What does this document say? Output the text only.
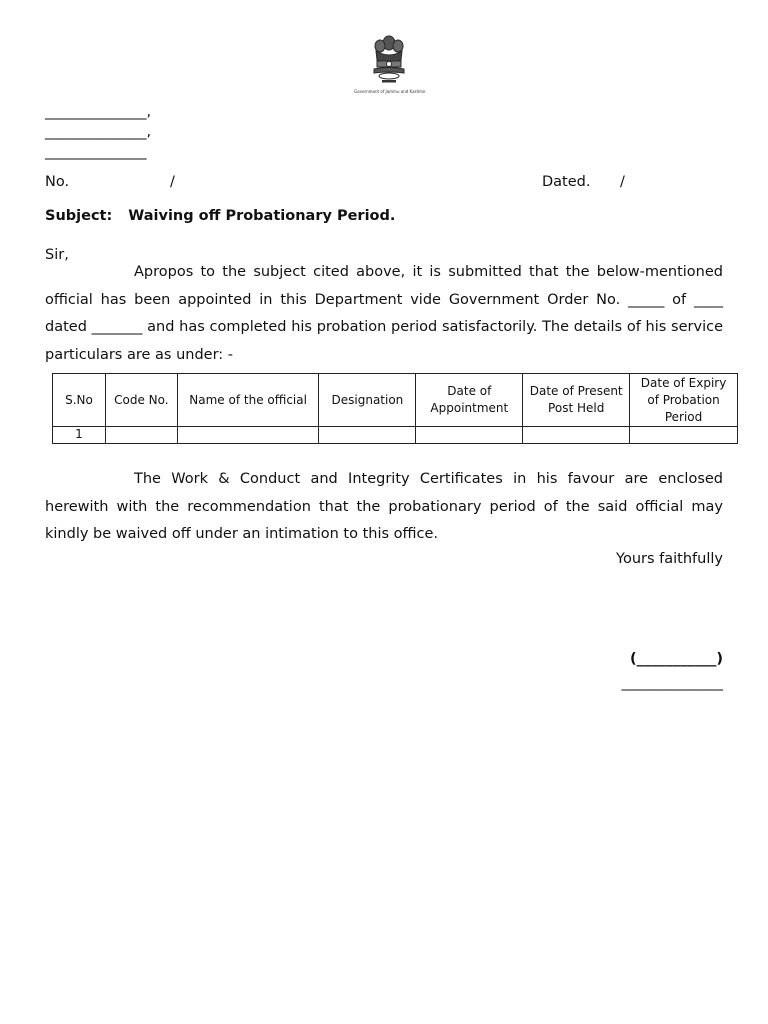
Government of Jammu and Kashmir
______________,
______________,
______________
No.	/	Dated. /
Subject: Waiving off Probationary Period.
Sir,
Apropos to the subject cited above, it is submitted that the below-mentioned official has been appointed in this Department vide Government Order No. _____ of ____ dated _______ and has completed his probation period satisfactorily. The details of his service particulars are as under: -
S.No	Code No.	Name of the official	Designation	Date of Appointment	Date of Present Post Held	Date of Expiry of Probation Period
1						
The Work & Conduct and Integrity Certificates in his favour are enclosed herewith with the recommendation that the probationary period of the said official may kindly be waived off under an intimation to this office.
Yours faithfully
(___________)
______________
